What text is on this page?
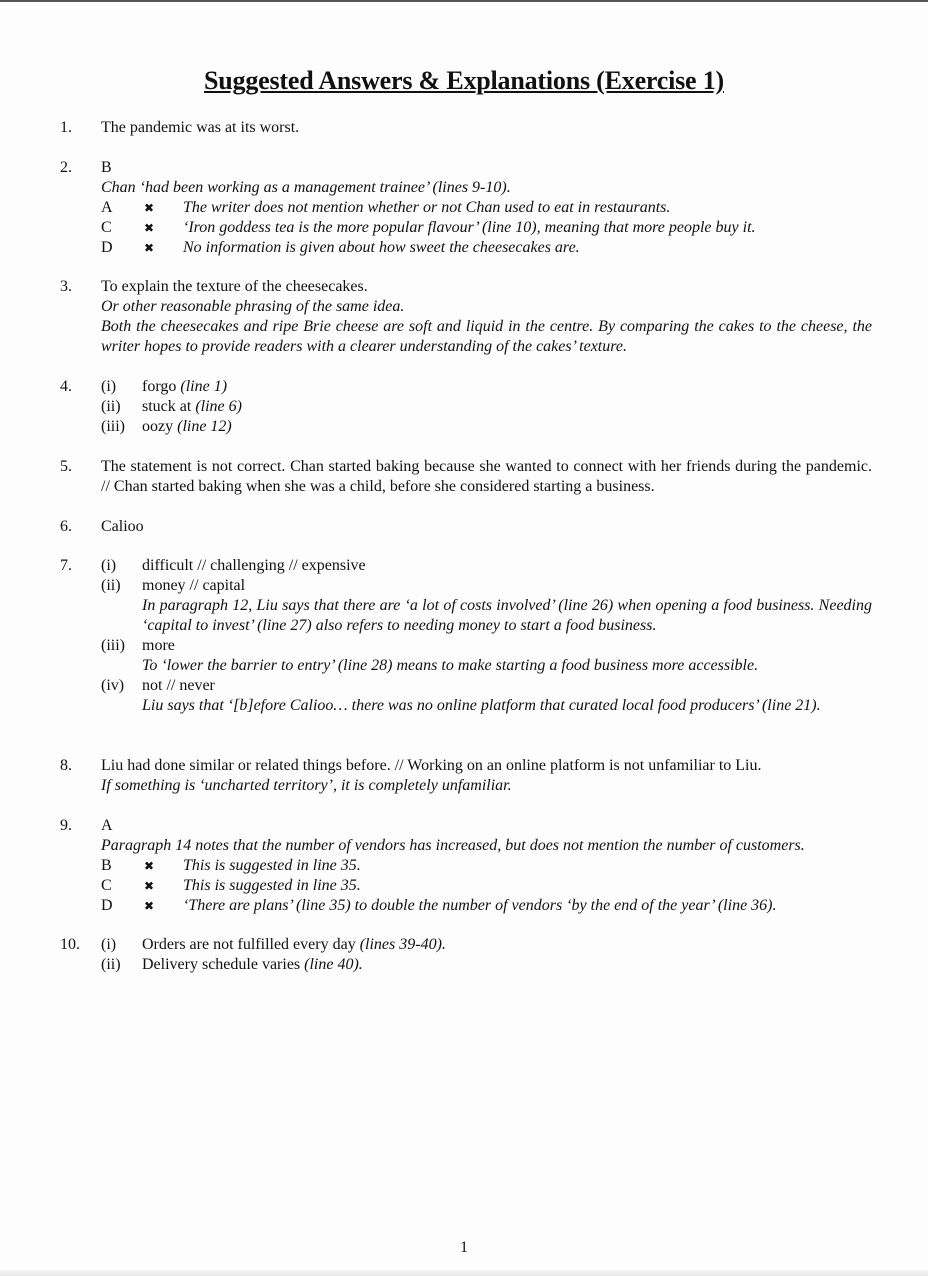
Suggested Answers & Explanations (Exercise 1)
1. The pandemic was at its worst.
2. B
Chan ‘had been working as a management trainee’ (lines 9-10).
A	✖ The writer does not mention whether or not Chan used to eat in restaurants.
C	✖ ‘Iron goddess tea is the more popular flavour’ (line 10), meaning that more people buy it.
D	✖ No information is given about how sweet the cheesecakes are.
3. To explain the texture of the cheesecakes.
Or other reasonable phrasing of the same idea.
Both the cheesecakes and ripe Brie cheese are soft and liquid in the centre. By comparing the cakes to the cheese, the writer hopes to provide readers with a clearer understanding of the cakes’ texture.
4. (i) forgo (line 1)
(ii) stuck at (line 6)
(iii) oozy (line 12)
5. The statement is not correct. Chan started baking because she wanted to connect with her friends during the pandemic. // Chan started baking when she was a child, before she considered starting a business.
6. Calioo
7. (i) difficult // challenging // expensive
(ii) money // capital
In paragraph 12, Liu says that there are ‘a lot of costs involved’ (line 26) when opening a food business. Needing ‘capital to invest’ (line 27) also refers to needing money to start a food business.
(iii) more
To ‘lower the barrier to entry’ (line 28) means to make starting a food business more accessible.
(iv) not // never
Liu says that ‘[b]efore Calioo… there was no online platform that curated local food producers’ (line 21).
8. Liu had done similar or related things before. // Working on an online platform is not unfamiliar to Liu.
If something is ‘uncharted territory’, it is completely unfamiliar.
9. A
Paragraph 14 notes that the number of vendors has increased, but does not mention the number of customers.
B	✖ This is suggested in line 35.
C	✖ This is suggested in line 35.
D	✖ ‘There are plans’ (line 35) to double the number of vendors ‘by the end of the year’ (line 36).
10. (i) Orders are not fulfilled every day (lines 39-40).
(ii) Delivery schedule varies (line 40).
1
